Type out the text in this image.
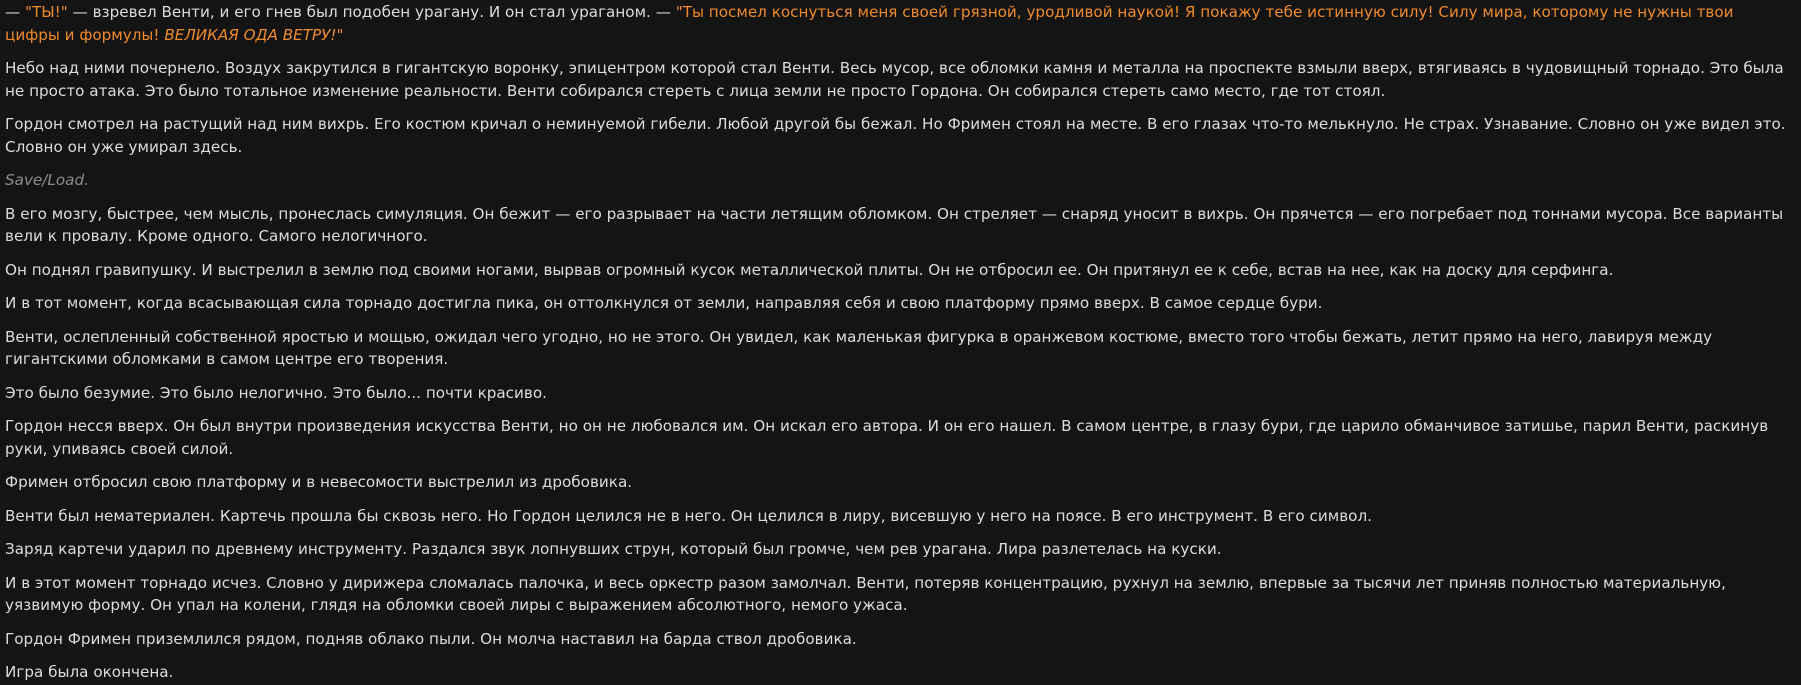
— "ТЫ!" — взревел Венти, и его гнев был подобен урагану. И он стал ураганом. — "Ты посмел коснуться меня своей грязной, уродливой наукой! Я покажу тебе истинную силу! Силу мира, которому не нужны твои цифры и формулы! ВЕЛИКАЯ ОДА ВЕТРУ!"

Небо над ними почернело. Воздух закрутился в гигантскую воронку, эпицентром которой стал Венти. Весь мусор, все обломки камня и металла на проспекте взмыли вверх, втягиваясь в чудовищный торнадо. Это была не просто атака. Это было тотальное изменение реальности. Венти собирался стереть с лица земли не просто Гордона. Он собирался стереть само место, где тот стоял.

Гордон смотрел на растущий над ним вихрь. Его костюм кричал о неминуемой гибели. Любой другой бы бежал. Но Фримен стоял на месте. В его глазах что-то мелькнуло. Не страх. Узнавание. Словно он уже видел это. Словно он уже умирал здесь.

Save/Load.

В его мозгу, быстрее, чем мысль, пронеслась симуляция. Он бежит — его разрывает на части летящим обломком. Он стреляет — снаряд уносит в вихрь. Он прячется — его погребает под тоннами мусора. Все варианты вели к провалу. Кроме одного. Самого нелогичного.

Он поднял гравипушку. И выстрелил в землю под своими ногами, вырвав огромный кусок металлической плиты. Он не отбросил ее. Он притянул ее к себе, встав на нее, как на доску для серфинга.

И в тот момент, когда всасывающая сила торнадо достигла пика, он оттолкнулся от земли, направляя себя и свою платформу прямо вверх. В самое сердце бури.

Венти, ослепленный собственной яростью и мощью, ожидал чего угодно, но не этого. Он увидел, как маленькая фигурка в оранжевом костюме, вместо того чтобы бежать, летит прямо на него, лавируя между гигантскими обломками в самом центре его творения.

Это было безумие. Это было нелогично. Это было... почти красиво.

Гордон несся вверх. Он был внутри произведения искусства Венти, но он не любовался им. Он искал его автора. И он его нашел. В самом центре, в глазу бури, где царило обманчивое затишье, парил Венти, раскинув руки, упиваясь своей силой.

Фримен отбросил свою платформу и в невесомости выстрелил из дробовика.

Венти был нематериален. Картечь прошла бы сквозь него. Но Гордон целился не в него. Он целился в лиру, висевшую у него на поясе. В его инструмент. В его символ.

Заряд картечи ударил по древнему инструменту. Раздался звук лопнувших струн, который был громче, чем рев урагана. Лира разлетелась на куски.

И в этот момент торнадо исчез. Словно у дирижера сломалась палочка, и весь оркестр разом замолчал. Венти, потеряв концентрацию, рухнул на землю, впервые за тысячи лет приняв полностью материальную, уязвимую форму. Он упал на колени, глядя на обломки своей лиры с выражением абсолютного, немого ужаса.

Гордон Фримен приземлился рядом, подняв облако пыли. Он молча наставил на барда ствол дробовика.

Игра была окончена.
